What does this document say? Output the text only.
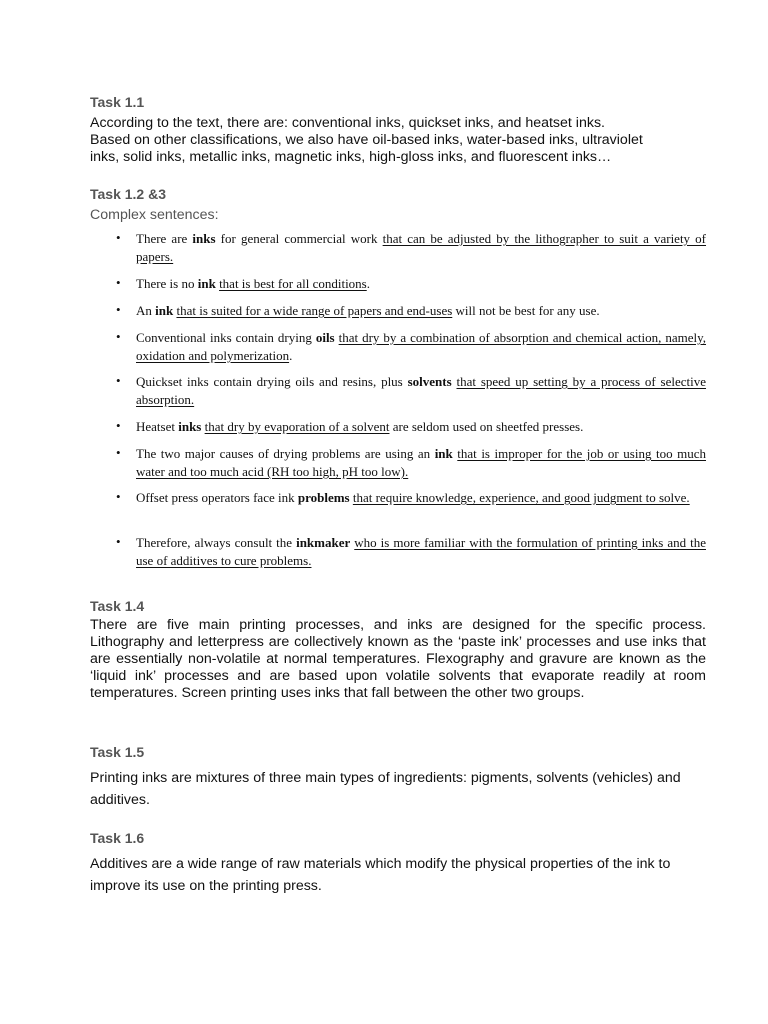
Task 1.1
According to the text, there are: conventional inks, quickset inks, and heatset inks.
Based on other classifications, we also have oil-based inks, water-based inks, ultraviolet
inks, solid inks, metallic inks, magnetic inks, high-gloss inks, and fluorescent inks…
Task 1.2 &3

Complex sentences:

• There are inks for general commercial work that can be adjusted by the lithographer to suit a variety of papers.

• There is no ink that is best for all conditions.

• An ink that is suited for a wide range of papers and end-uses will not be best for any use.

• Conventional inks contain drying oils that dry by a combination of absorption and chemical action, namely, oxidation and polymerization.

• Quickset inks contain drying oils and resins, plus solvents that speed up setting by a process of selective absorption.

• Heatset inks that dry by evaporation of a solvent are seldom used on sheetfed presses.

• The two major causes of drying problems are using an ink that is improper for the job or using too much water and too much acid (RH too high, pH too low).

• Offset press operators face ink problems that require knowledge, experience, and good judgment to solve.

• Therefore, always consult the inkmaker who is more familiar with the formulation of printing inks and the use of additives to cure problems.

Task 1.4

There are five main printing processes, and inks are designed for the specific process. Lithography and letterpress are collectively known as the ‘paste ink’ processes and use inks that are essentially non-volatile at normal temperatures. Flexography and gravure are known as the ‘liquid ink’ processes and are based upon volatile solvents that evaporate readily at room temperatures. Screen printing uses inks that fall between the other two groups.

Task 1.5

Printing inks are mixtures of three main types of ingredients: pigments, solvents (vehicles) and additives.

Task 1.6

Additives are a wide range of raw materials which modify the physical properties of the ink to improve its use on the printing press.
